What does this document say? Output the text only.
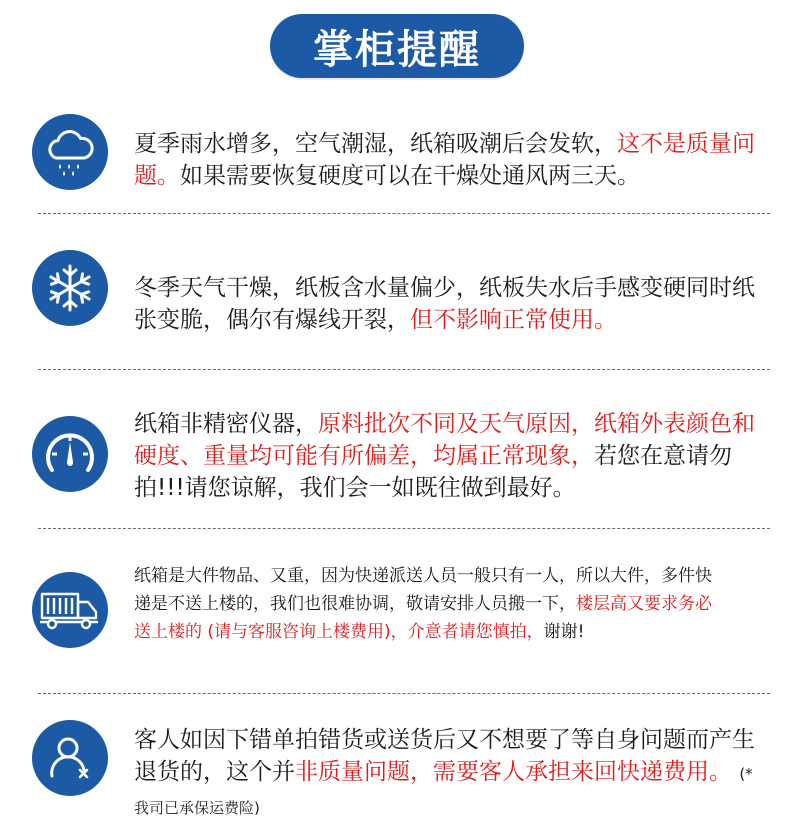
掌柜提醒
夏季雨水增多，空气潮湿，纸箱吸潮后会发软，这不是质量问题。如果需要恢复硬度可以在干燥处通风两三天。
冬季天气干燥，纸板含水量偏少，纸板失水后手感变硬同时纸张变脆，偶尔有爆线开裂，但不影响正常使用。
纸箱非精密仪器，原料批次不同及天气原因，纸箱外表颜色和硬度、重量均可能有所偏差，均属正常现象，若您在意请勿拍!!!请您谅解，我们会一如既往做到最好。
纸箱是大件物品、又重，因为快递派送人员一般只有一人，所以大件，多件快递是不送上楼的，我们也很难协调，敬请安排人员搬一下，楼层高又要求务必送上楼的 (请与客服咨询上楼费用)，介意者请您慎拍，谢谢!
客人如因下错单拍错货或送货后又不想要了等自身问题而产生退货的，这个并非质量问题，需要客人承担来回快递费用。 (*我司已承保运费险)
